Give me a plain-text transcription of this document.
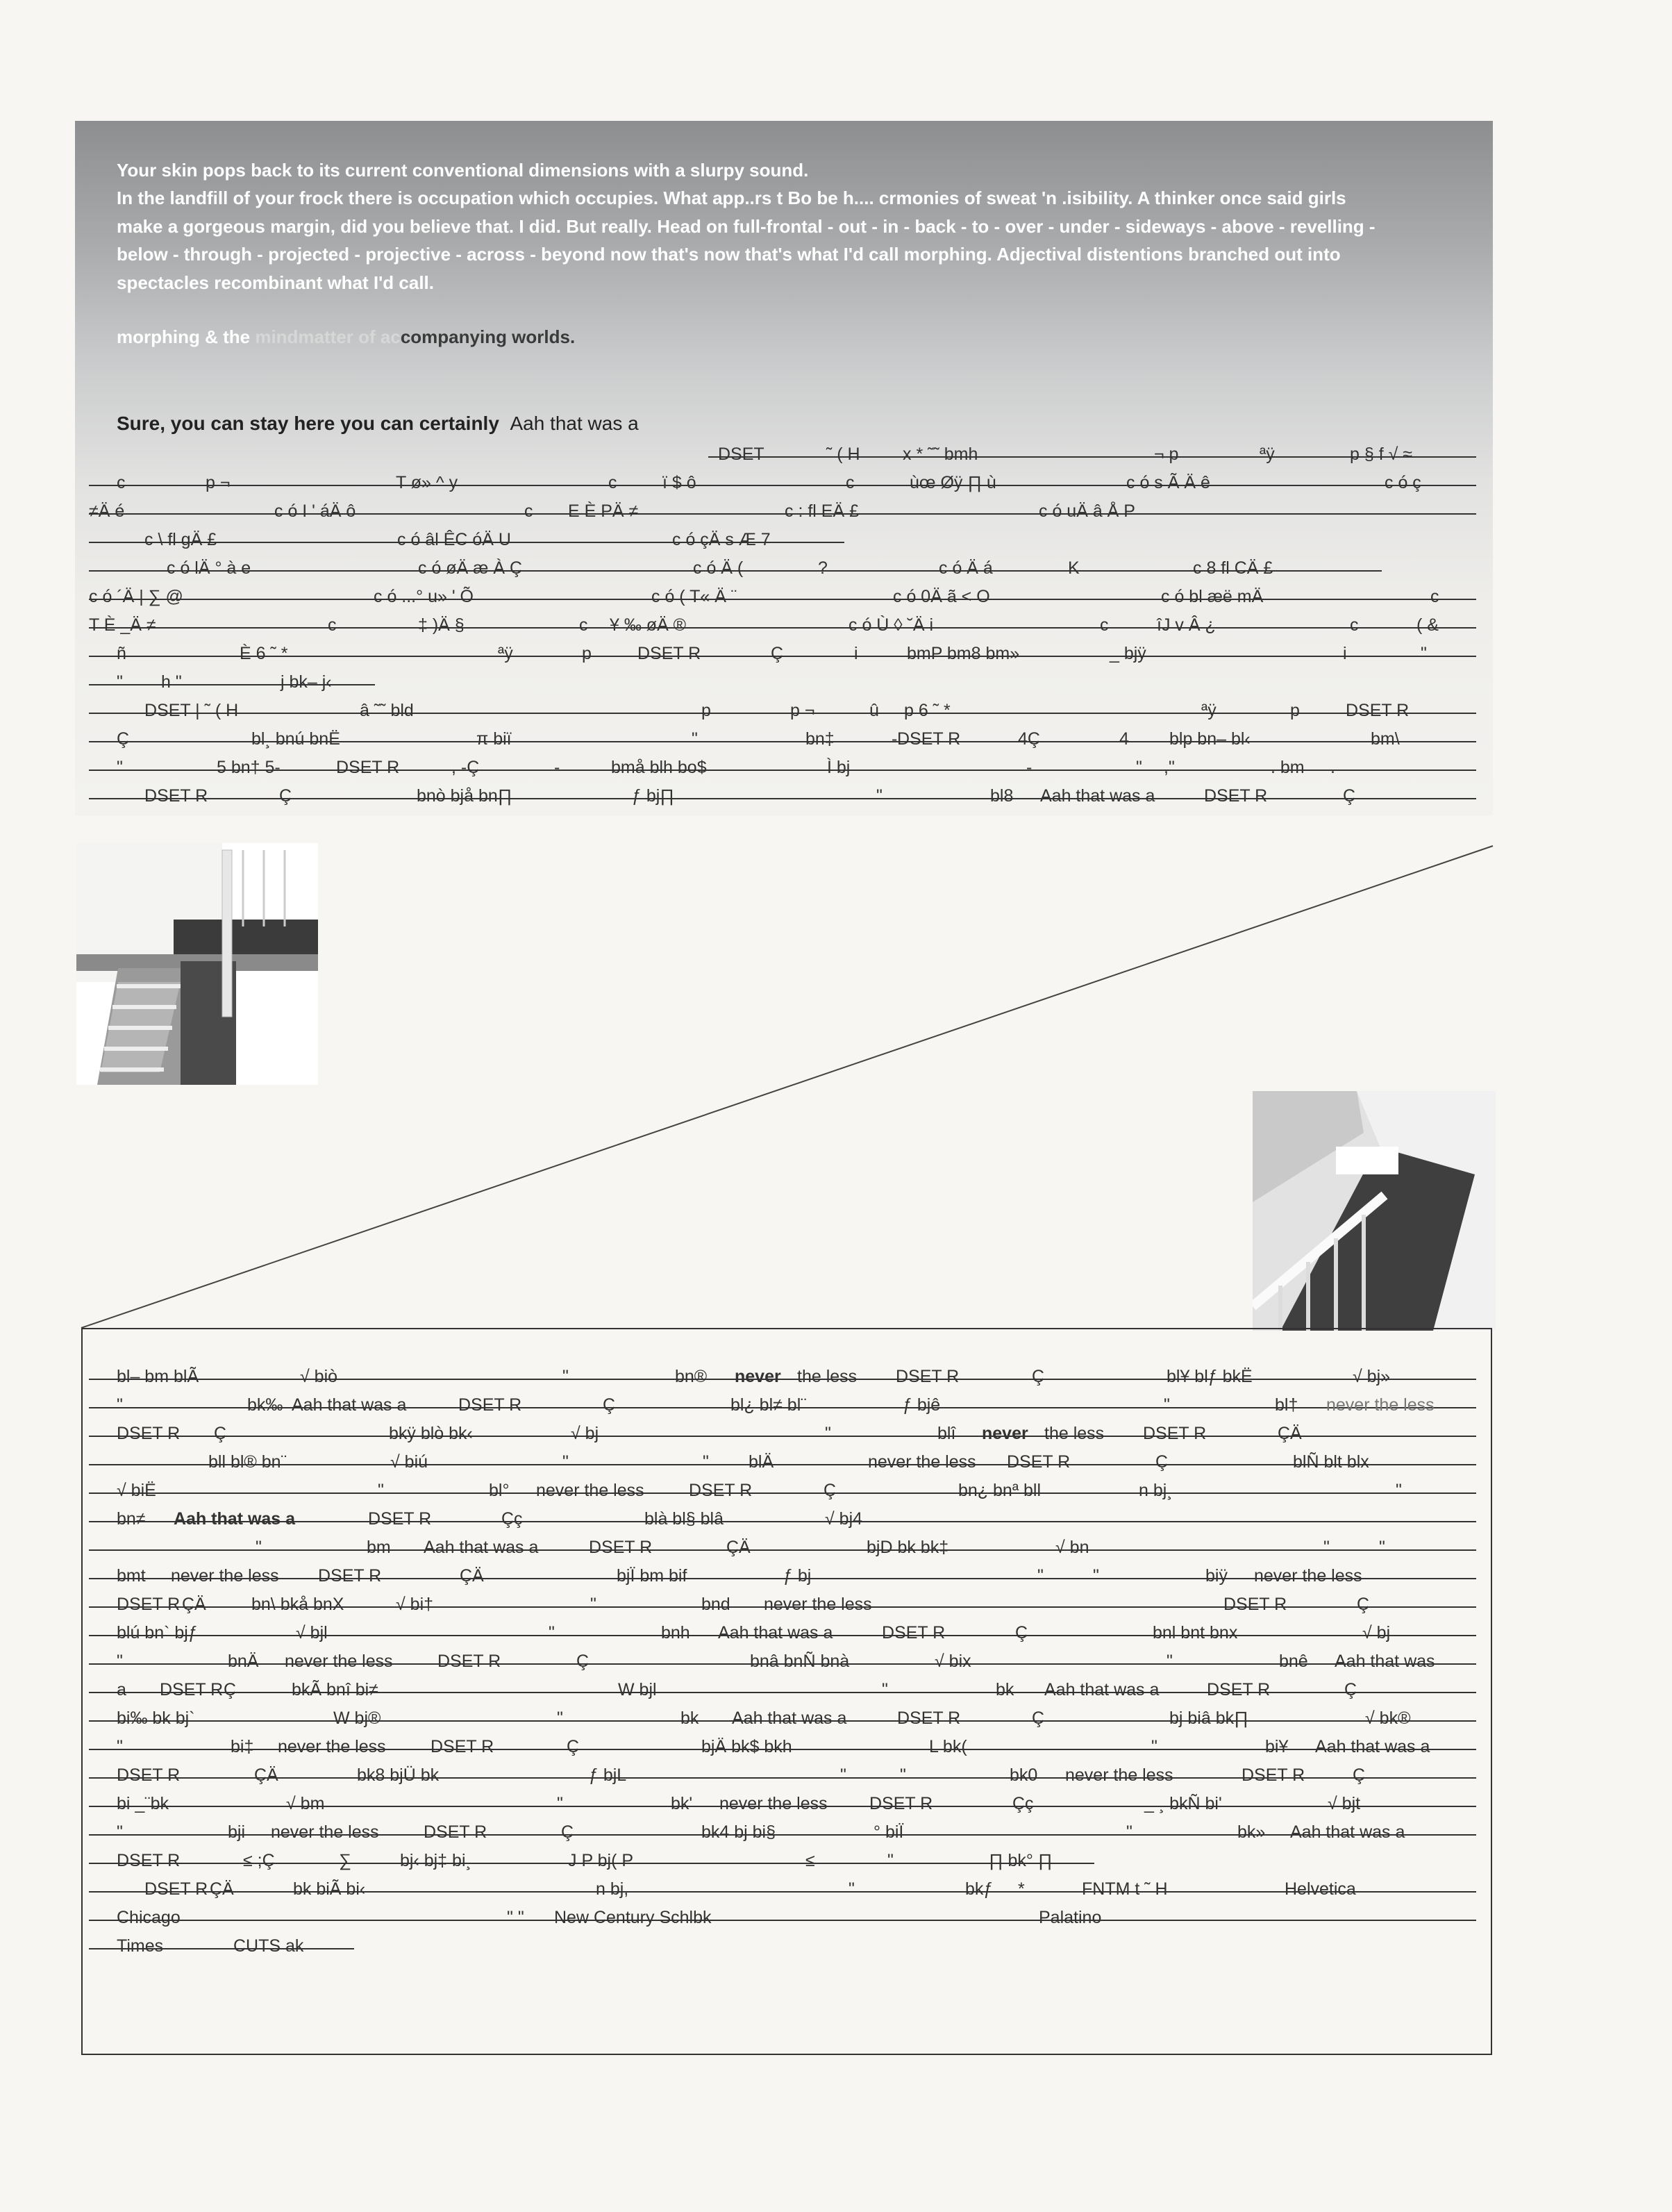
Your skin pops back to its current conventional dimensions with a slurpy sound.
In the landfill of your frock there is occupation which occupies. What app..rs t Bo be h.... crmonies of sweat 'n .isibility. A thinker once said girls
make a gorgeous margin, did you believe that. I did. But really. Head on full-frontal - out - in - back - to - over - under - sideways - above - revelling -
below - through - projected - projective - across - beyond now that's now that's what I'd call morphing. Adjectival distentions branched out into
spectacles recombinant what I'd call.
morphing & the mindmatter of accompanying worlds.
Sure, you can stay here you can certainly Aah that was a
DSET	˜ ( H x * ˜˜ bmh	¬ p	ªÿ	p § f √ ≈
c	p ¬	T ø» ^ y	c	ï $ ô	c	ùœ Øÿ ∏ ù	c ó s Ã Ä ê	c ó ç
≠Ä é	c ó I ' áÄ ô	c E È PÄ ≠	c : fl EÄ £	c ó uÄ â Å P
c \ fl gÄ £	c ó âl ÊC óÄ U	c ó çÄ s Æ 7
c ó lÄ ° à e	c ó øÄ æ À Ç	c ó Ä (	?	c ó Ä á	K	c 8 fl CÄ £
c ó ´Ä | ∑ @	c ó ...° u» ' Õ	c ó ( T« Ä ¨	c ó 0Ä ã < O	c ó bl æë mÄ	c
T È _Ä ≠	c	‡ )Ä §	c ¥ ‰ øÄ ®	c ó Ù ◊ ˘Ä i	c	îJ v Â ¿	c	( &
ñ	È 6 ˜ *	ªÿ	p	DSET R	Ç	i	bmP bm8 bm»	_ bjÿ	i	"
" h "	j bk– j‹
DSET | ˜ ( H	â ˜˜ bld	p	p ¬	û p 6 ˜ *	ªÿ	p	DSET R
Ç	bl¸ bnú bnË	π biï	"	bn‡	- DSET R	4Ç	4 blp bn– bl‹	bm\
"	5 bn† 5-	DSET R	, -Ç	-	bmå blh bo$	Ì bj	-	" ,"	. bm .
DSET R	Ç	bnò bjå bn∏	ƒ bj∏	"	bl8 Aah that was a	DSET R	Ç
bl– bm blÃ	√ biò	"	bn® never the less DSET R	Ç	bl¥ blƒ bkË	√ bj»
"	bk‰ Aah that was a	DSET R	Ç	bl¿ bl≠ bl¨	ƒ bjê	"	bl† never the less
DSET R Ç	bkÿ blò bk‹	√ bj	"	blî never the less DSET R	ÇÄ
bll bl® bn¨	√ biú	"	" blÄ	never the less DSET R	Ç	blÑ blt blx
√ biË	"	bl° never the less	DSET R	Ç	bn¿ bnª bll	n bj¸	"
bn≠ Aah that was a	DSET R	Çç	blà bl§ blâ	√ bj4
"	bm Aah that was a	DSET R	ÇÄ	bjD bk bk‡	√ bn	"	"
bmt never the less DSET R	ÇÄ	bjÏ bm bif	ƒ bj	"	"	biÿ never the less
DSET R ÇÄ	bn\ bkå bnX	√ bi†	"	bnd never the less	DSET R	Ç
blú bn` bjƒ	√ bjl	"	bnh Aah that was a	DSET R	Ç	bnl bnt bnx	√ bj
"	bnÄ never the less	DSET R	Ç	bnâ bnÑ bnà	√ bix	"	bnê Aah that was
a DSET R Ç	bkÃ bnî bi≠	W bjl	"	bk Aah that was a	DSET R	Ç
bi‰ bk bj`	W bj®	"	bk Aah that was a	DSET R	Ç	bj biâ bk∏	√ bk®
"	bi‡ never the less	DSET R	Ç	bjÄ bk$ bkh	L bk(	"	bi¥ Aah that was a
DSET R	ÇÄ	bk8 bjÜ bk	ƒ bjL	"	"	bk0 never the less	DSET R	Ç
bi _¨bk	√ bm	"	bk' never the less DSET R	Çç	_ ¸ bkÑ bi'	√ bjt
"	bji never the less	DSET R	Ç	bk4 bj bi§	° biÏ	"	bk» Aah that was a
DSET R	≤ ;Ç	∑	bj‹ bj‡ bi¸	J P bj( P	≤	"	∏ bk° ∏
DSET R ÇÄ	bk biÃ bi‹	n bj,	"	bkƒ *	FNTM t ˜ H	Helvetica
Chicago	" " New Century Schlbk	Palatino
Times	CUTS ak
